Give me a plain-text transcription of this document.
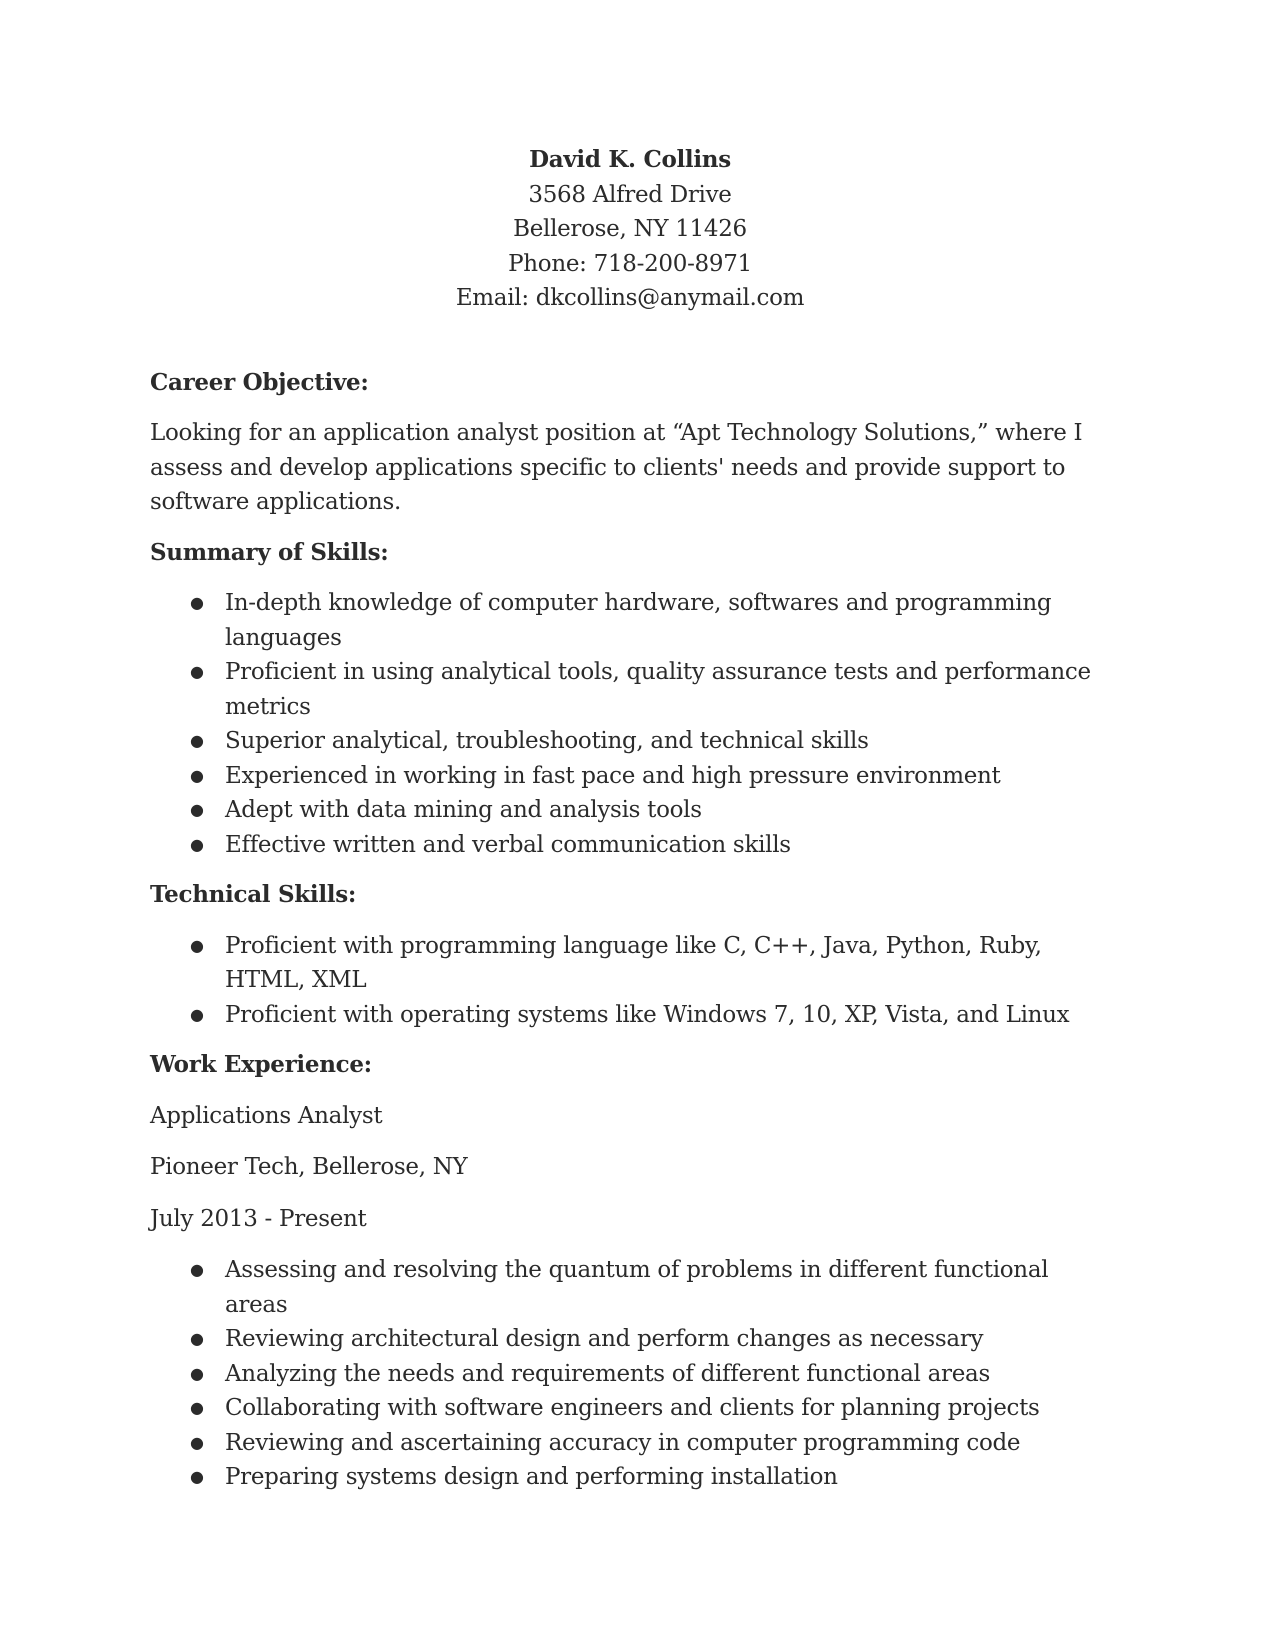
David K. Collins
3568 Alfred Drive
Bellerose, NY 11426
Phone: 718-200-8971
Email: dkcollins@anymail.com
Career Objective:
Looking for an application analyst position at “Apt Technology Solutions,” where I assess and develop applications specific to clients' needs and provide support to software applications.
Summary of Skills:
● In-depth knowledge of computer hardware, softwares and programming languages
● Proficient in using analytical tools, quality assurance tests and performance metrics
● Superior analytical, troubleshooting, and technical skills
● Experienced in working in fast pace and high pressure environment
● Adept with data mining and analysis tools
● Effective written and verbal communication skills
Technical Skills:
● Proficient with programming language like C, C++, Java, Python, Ruby, HTML, XML
● Proficient with operating systems like Windows 7, 10, XP, Vista, and Linux
Work Experience:
Applications Analyst
Pioneer Tech, Bellerose, NY
July 2013 - Present
● Assessing and resolving the quantum of problems in different functional areas
● Reviewing architectural design and perform changes as necessary
● Analyzing the needs and requirements of different functional areas
● Collaborating with software engineers and clients for planning projects
● Reviewing and ascertaining accuracy in computer programming code
● Preparing systems design and performing installation
